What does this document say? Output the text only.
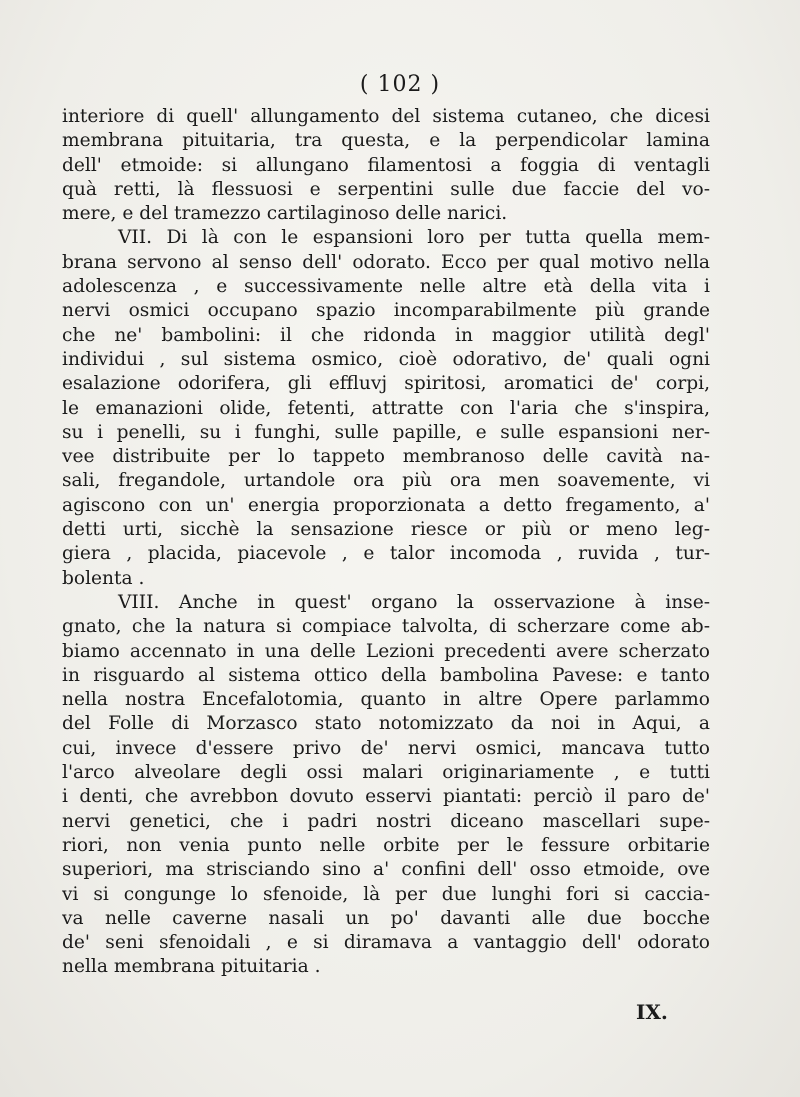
( 102 )
interiore di quell' allungamento del sistema cutaneo, che dicesi
membrana pituitaria, tra questa, e la perpendicolar lamina
dell' etmoide: si allungano filamentosi a foggia di ventagli
quà retti, là flessuosi e serpentini sulle due faccie del vo-
mere, e del tramezzo cartilaginoso delle narici.
VII. Di là con le espansioni loro per tutta quella mem-
brana servono al senso dell' odorato. Ecco per qual motivo nella
adolescenza , e successivamente nelle altre età della vita i
nervi osmici occupano spazio incomparabilmente più grande
che ne' bambolini: il che ridonda in maggior utilità degl'
individui , sul sistema osmico, cioè odorativo, de' quali ogni
esalazione odorifera, gli effluvj spiritosi, aromatici de' corpi,
le emanazioni olide, fetenti, attratte con l'aria che s'inspira,
su i penelli, su i funghi, sulle papille, e sulle espansioni ner-
vee distribuite per lo tappeto membranoso delle cavità na-
sali, fregandole, urtandole ora più ora men soavemente, vi
agiscono con un' energia proporzionata a detto fregamento, a'
detti urti, sicchè la sensazione riesce or più or meno leg-
giera , placida, piacevole , e talor incomoda , ruvida , tur-
bolenta .
VIII. Anche in quest' organo la osservazione à inse-
gnato, che la natura si compiace talvolta, di scherzare come ab-
biamo accennato in una delle Lezioni precedenti avere scherzato
in risguardo al sistema ottico della bambolina Pavese: e tanto
nella nostra Encefalotomia, quanto in altre Opere parlammo
del Folle di Morzasco stato notomizzato da noi in Aqui, a
cui, invece d'essere privo de' nervi osmici, mancava tutto
l'arco alveolare degli ossi malari originariamente , e tutti
i denti, che avrebbon dovuto esservi piantati: perciò il paro de'
nervi genetici, che i padri nostri diceano mascellari supe-
riori, non venia punto nelle orbite per le fessure orbitarie
superiori, ma strisciando sino a' confini dell' osso etmoide, ove
vi si congunge lo sfenoide, là per due lunghi fori si caccia-
va nelle caverne nasali un po' davanti alle due bocche
de' seni sfenoidali , e si diramava a vantaggio dell' odorato
nella membrana pituitaria .
IX.
